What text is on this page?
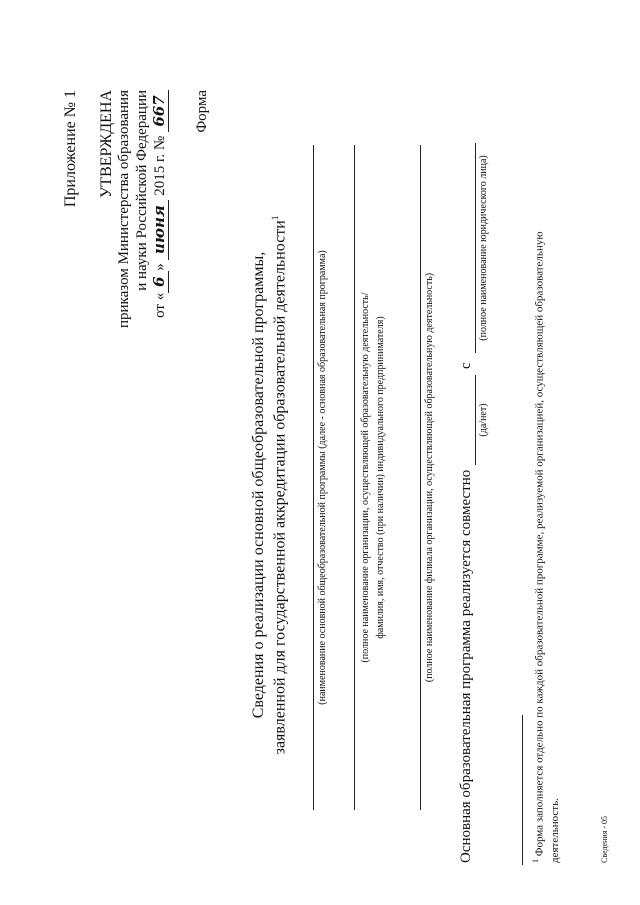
Приложение № 1 УТВЕРЖДЕНА приказом Министерства образования и науки Российской Федерации
от «6» июня 2015 г. № 667 Форма
Сведения о реализации основной общеобразовательной программы, заявленной для государственной аккредитации образовательной деятельности$^1$
(наименование основной общеобразовательной программы (далее - основная образовательная программа)	(полное наименование организации, осуществляющей образовательную деятельность/ фамилия, имя, отчество (при наличии) индивидуального предпринимателя)	(полное наименование филиала организации, осуществляющей образовательную деятельность) Основная образовательная программа реализуется совместно
(да/нет)
с
(полное наименование юридического лица)
$^1$ Форма заполняется отдельно по каждой образовательной программе, реализуемой организацией, осуществляющей образовательную деятельность.	Сведения - 05
